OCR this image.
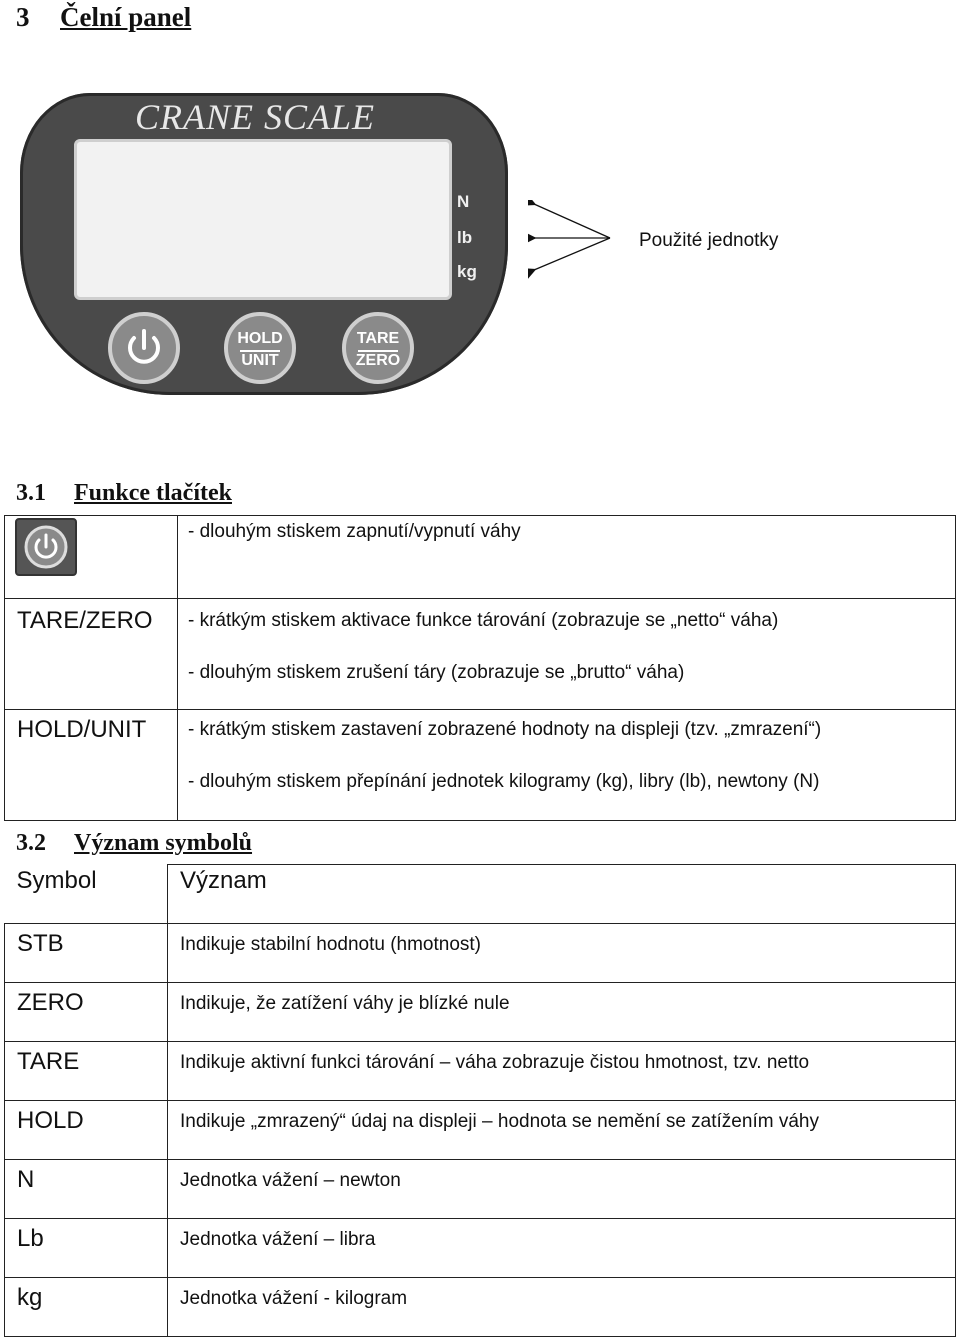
3 Čelní panel
CRANE SCALE
N
lb
kg
HOLD
UNIT
TARE
ZERO
Použité jednotky
3.1 Funkce tlačítek

- dlouhým stiskem zapnutí/vypnutí váhy

TARE/ZERO	- krátkým stiskem aktivace funkce tárování (zobrazuje se „netto“ váha)
- dlouhým stiskem zrušení táry (zobrazuje se „brutto“ váha)

HOLD/UNIT	- krátkým stiskem zastavení zobrazené hodnoty na displeji (tzv. „zmrazení“)
- dlouhým stiskem přepínání jednotek kilogramy (kg), libry (lb), newtony (N)
3.2 Význam symbolů
Symbol	Význam
STB	Indikuje stabilní hodnotu (hmotnost)
ZERO	Indikuje, že zatížení váhy je blízké nule
TARE	Indikuje aktivní funkci tárování – váha zobrazuje čistou hmotnost, tzv. netto
HOLD	Indikuje „zmrazený“ údaj na displeji – hodnota se nemění se zatížením váhy
N	Jednotka vážení – newton
Lb	Jednotka vážení – libra
kg	Jednotka vážení - kilogram
